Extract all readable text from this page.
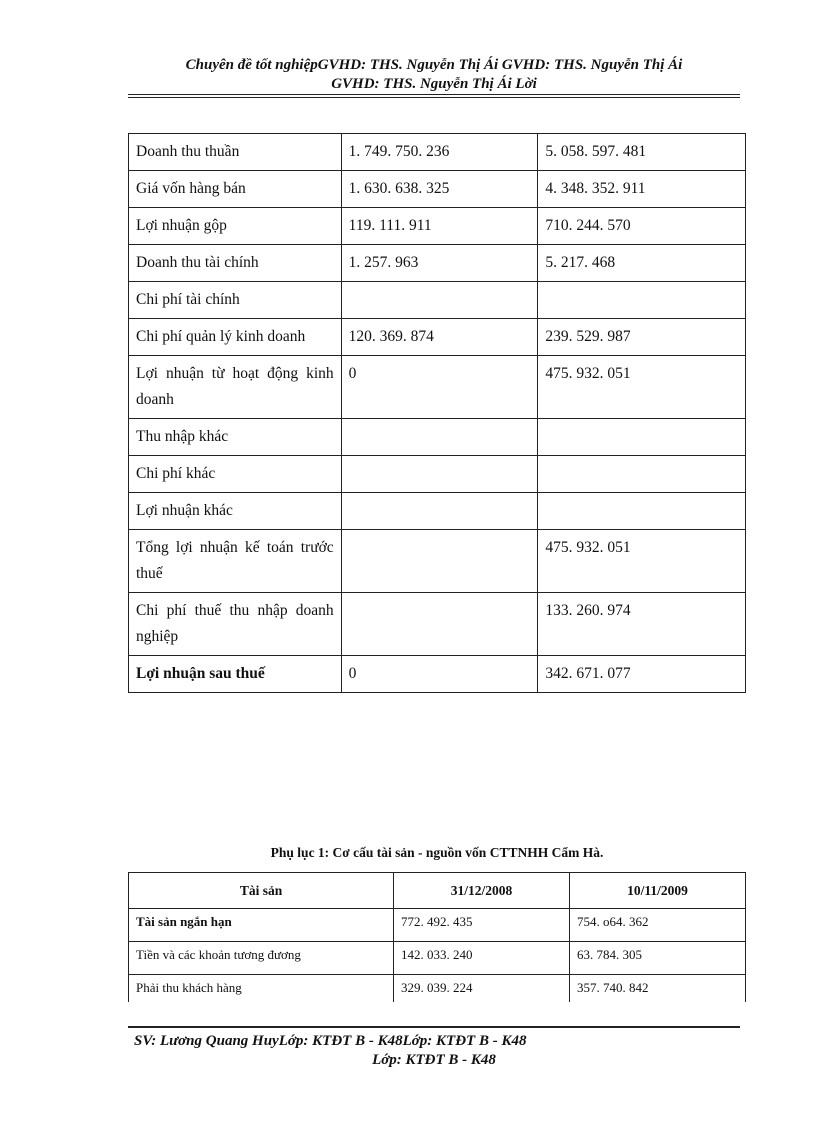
Chuyên đề tốt nghiệpGVHD: THS. Nguyễn Thị Ái GVHD: THS. Nguyễn Thị Ái
GVHD: THS. Nguyễn Thị Ái Lời
Doanh thu thuần	1. 749. 750. 236	5. 058. 597. 481
Giá vốn hàng bán	1. 630. 638. 325	4. 348. 352. 911
Lợi nhuận gộp	119. 111. 911	710. 244. 570
Doanh thu tài chính	1. 257. 963	5. 217. 468
Chi phí tài chính		
Chi phí quản lý kinh doanh	120. 369. 874	239. 529. 987
Lợi nhuận từ hoạt động kinh doanh	0	475. 932. 051
Thu nhập khác		
Chi phí khác		
Lợi nhuận khác		
Tổng lợi nhuận kế toán trước thuế		475. 932. 051
Chi phí thuế thu nhập doanh nghiệp		133. 260. 974
Lợi nhuận sau thuế	0	342. 671. 077
Phụ lục 1: Cơ cấu tài sản - nguồn vốn CTTNHH Cẩm Hà.
Tài sản	31/12/2008	10/11/2009
Tài sản ngắn hạn	772. 492. 435	754. o64. 362
Tiền và các khoản tương đương	142. 033. 240	63. 784. 305
Phải thu khách hàng	329. 039. 224	357. 740. 842
SV: Lương Quang HuyLớp: KTĐT B - K48Lớp: KTĐT B - K48
Lớp: KTĐT B - K48
